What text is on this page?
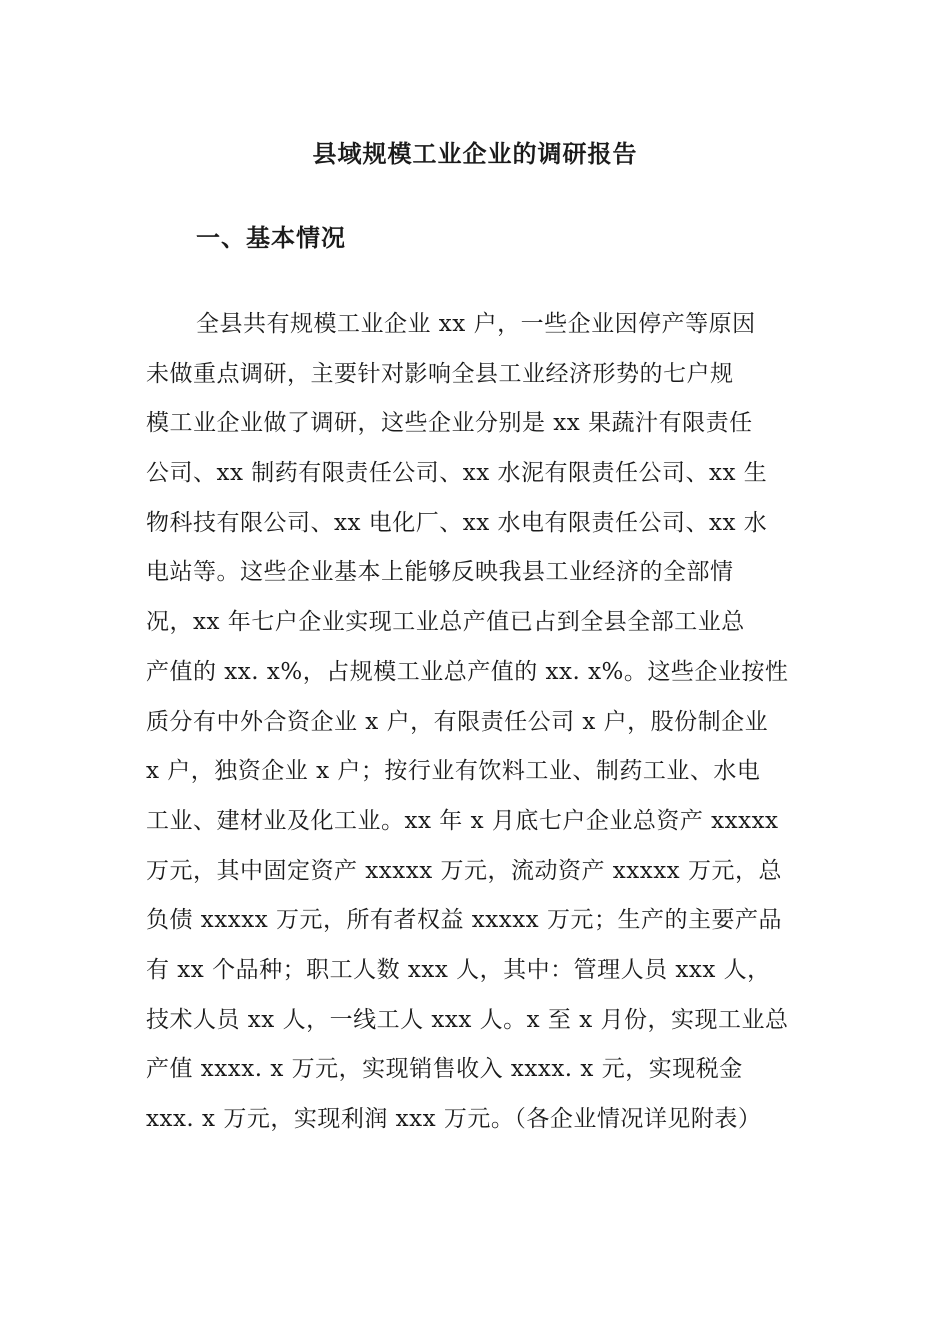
县域规模工业企业的调研报告
一、基本情况
全县共有规模工业企业 xx 户，一些企业因停产等原因
未做重点调研，主要针对影响全县工业经济形势的七户规
模工业企业做了调研，这些企业分别是 xx 果蔬汁有限责任
公司、xx 制药有限责任公司、xx 水泥有限责任公司、xx 生
物科技有限公司、xx 电化厂、xx 水电有限责任公司、xx 水
电站等。这些企业基本上能够反映我县工业经济的全部情
况，xx 年七户企业实现工业总产值已占到全县全部工业总
产值的 xx. x%，占规模工业总产值的 xx. x%。这些企业按性
质分有中外合资企业 x 户，有限责任公司 x 户，股份制企业
x 户，独资企业 x 户；按行业有饮料工业、制药工业、水电
工业、建材业及化工业。xx 年 x 月底七户企业总资产 xxxxx
万元，其中固定资产 xxxxx 万元，流动资产 xxxxx 万元，总
负债 xxxxx 万元，所有者权益 xxxxx 万元；生产的主要产品
有 xx 个品种；职工人数 xxx 人，其中：管理人员 xxx 人，
技术人员 xx 人，一线工人 xxx 人。x 至 x 月份，实现工业总
产值 xxxx. x 万元，实现销售收入 xxxx. x 元，实现税金
xxx. x 万元，实现利润 xxx 万元。（各企业情况详见附表）
